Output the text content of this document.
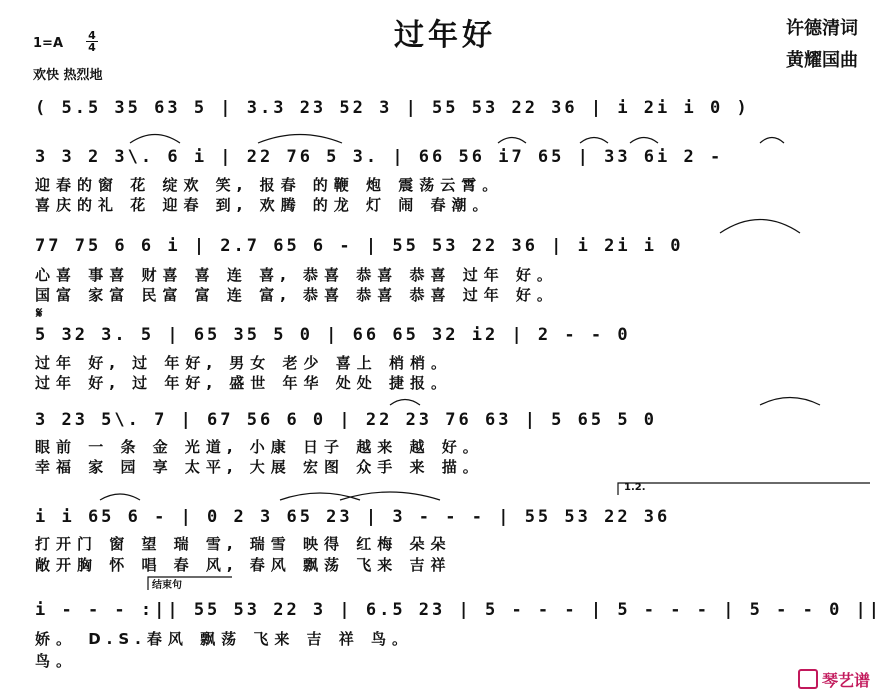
过年好	许德清词
黄耀国曲
$1=A \frac{4}{4}$
欢快 热烈地
( 5.5 35 63 5 | 3.3 23 52 3 | 55 53 22 36 | i 2i i 0 )
3 3 2 3\. 6 i | 22 76 5 3. | 66 56 i7 65 | 33 6i 2 -
迎春的窗 花 绽欢 笑, 报春 的鞭 炮 震荡云霄。
喜庆的礼 花 迎春 到, 欢腾 的龙 灯 闹 春潮。
77 75 6 6 i | 2.7 65 6 - | 55 53 22 36 | i 2i i 0
心喜 事喜 财喜 喜 连 喜, 恭喜 恭喜 恭喜 过年 好。
国富 家富 民富 富 连 富, 恭喜 恭喜 恭喜 过年 好。
𝄋
5 32 3. 5 | 65 35 5 0 | 66 65 32 i2 | 2 - - 0
过年 好, 过 年好, 男女 老少 喜上 梢梢。
过年 好, 过 年好, 盛世 年华 处处 捷报。
3 23 5\. 7 | 67 56 6 0 | 22 23 76 63 | 5 65 5 0
眼前 一 条 金 光道, 小康 日子 越来 越 好。
幸福 家 园 享 太平, 大展 宏图 众手 来 描。
1.2.
i i 65 6 - | 0 2 3 65 23 | 3 - - - | 55 53 22 36
打开门 窗 望 瑞 雪, 瑞雪 映得 红梅 朵朵
敞开胸 怀 唱 春 风, 春风 飘荡 飞来 吉祥
结束句
i - - - :|| 55 53 22 3 | 6.5 23 | 5 - - - | 5 - - - | 5 - - 0 ||
娇。 D.S.春风 飘荡 飞来 吉 祥 鸟。
鸟。
琴艺谱
